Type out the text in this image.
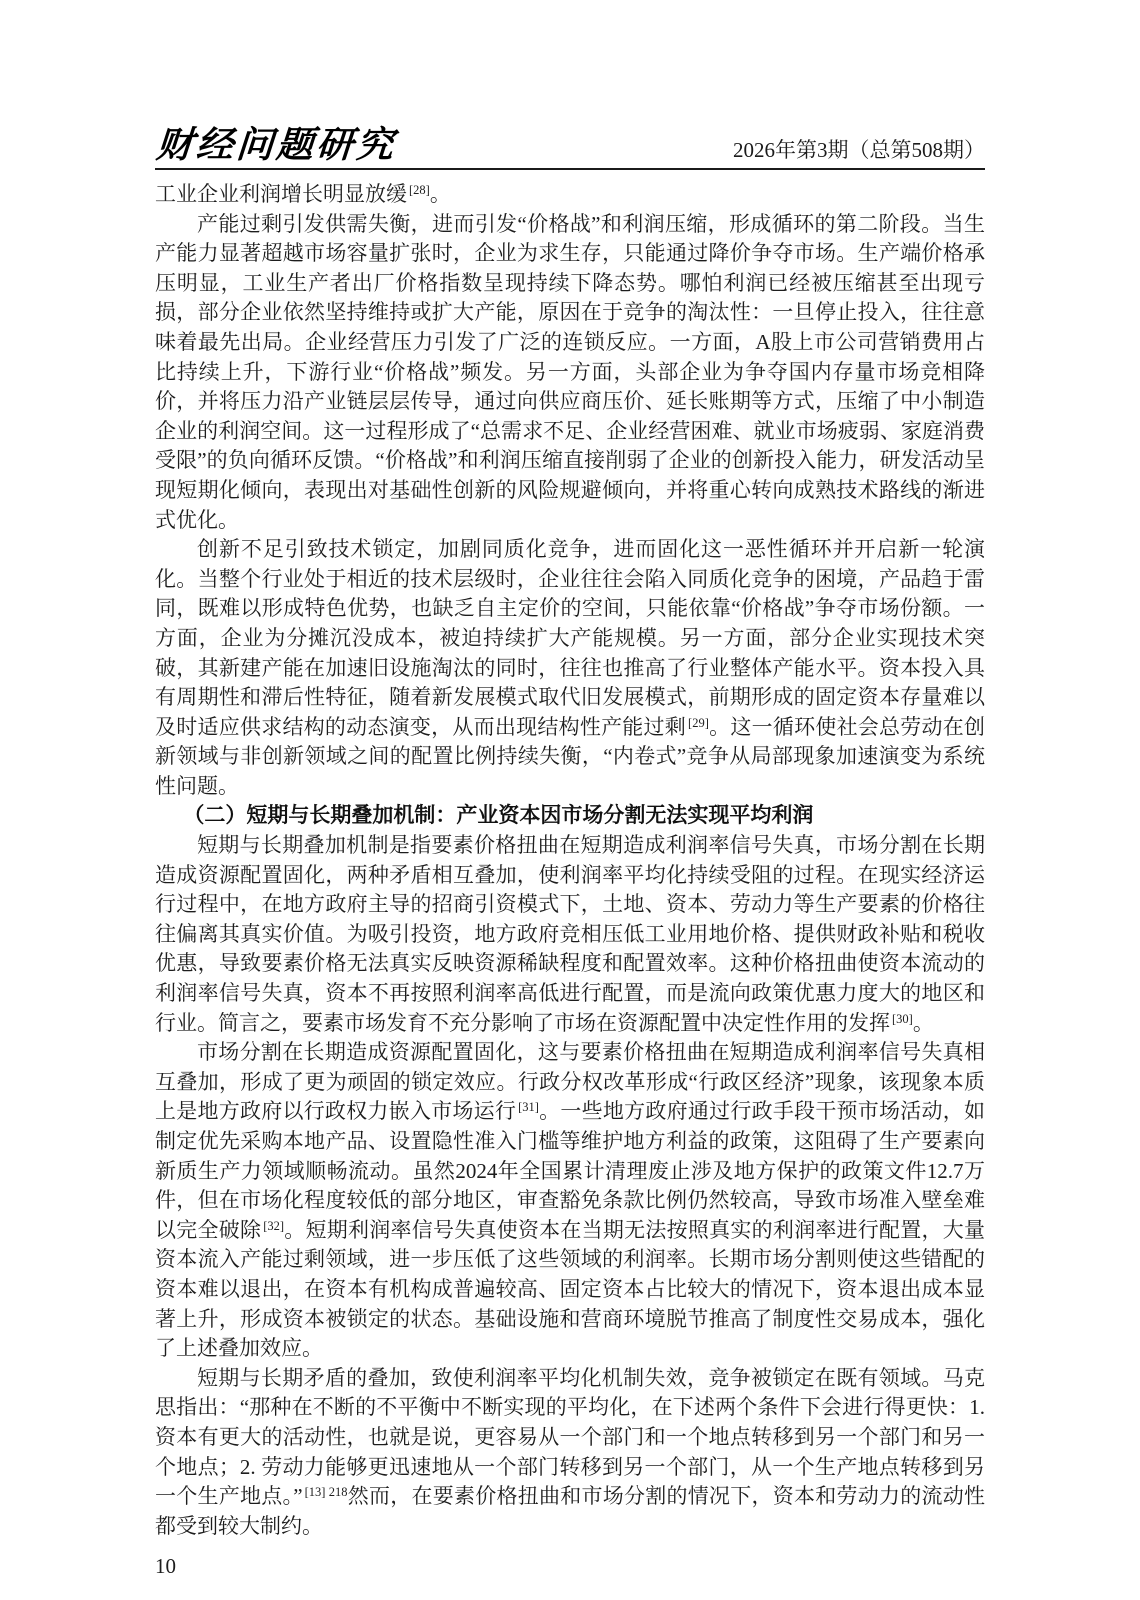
财经问题研究	2026年第3期（总第508期）

工业企业利润增长明显放缓 [28]。

产能过剩引发供需失衡，进而引发“价格战”和利润压缩，形成循环的第二阶段。当生产能力显著超越市场容量扩张时，企业为求生存，只能通过降价争夺市场。生产端价格承压明显，工业生产者出厂价格指数呈现持续下降态势。哪怕利润已经被压缩甚至出现亏损，部分企业依然坚持维持或扩大产能，原因在于竞争的淘汰性：一旦停止投入，往往意味着最先出局。企业经营压力引发了广泛的连锁反应。一方面，A股上市公司营销费用占比持续上升，下游行业“价格战”频发。另一方面，头部企业为争夺国内存量市场竞相降价，并将压力沿产业链层层传导，通过向供应商压价、延长账期等方式，压缩了中小制造企业的利润空间。这一过程形成了“总需求不足、企业经营困难、就业市场疲弱、家庭消费受限”的负向循环反馈。“价格战”和利润压缩直接削弱了企业的创新投入能力，研发活动呈现短期化倾向，表现出对基础性创新的风险规避倾向，并将重心转向成熟技术路线的渐进式优化。

创新不足引致技术锁定，加剧同质化竞争，进而固化这一恶性循环并开启新一轮演化。当整个行业处于相近的技术层级时，企业往往会陷入同质化竞争的困境，产品趋于雷同，既难以形成特色优势，也缺乏自主定价的空间，只能依靠“价格战”争夺市场份额。一方面，企业为分摊沉没成本，被迫持续扩大产能规模。另一方面，部分企业实现技术突破，其新建产能在加速旧设施淘汰的同时，往往也推高了行业整体产能水平。资本投入具有周期性和滞后性特征，随着新发展模式取代旧发展模式，前期形成的固定资本存量难以及时适应供求结构的动态演变，从而出现结构性产能过剩 [29]。这一循环使社会总劳动在创新领域与非创新领域之间的配置比例持续失衡，“内卷式”竞争从局部现象加速演变为系统性问题。

（二）短期与长期叠加机制：产业资本因市场分割无法实现平均利润

短期与长期叠加机制是指要素价格扭曲在短期造成利润率信号失真，市场分割在长期造成资源配置固化，两种矛盾相互叠加，使利润率平均化持续受阻的过程。在现实经济运行过程中，在地方政府主导的招商引资模式下，土地、资本、劳动力等生产要素的价格往往偏离其真实价值。为吸引投资，地方政府竞相压低工业用地价格、提供财政补贴和税收优惠，导致要素价格无法真实反映资源稀缺程度和配置效率。这种价格扭曲使资本流动的利润率信号失真，资本不再按照利润率高低进行配置，而是流向政策优惠力度大的地区和行业。简言之，要素市场发育不充分影响了市场在资源配置中决定性作用的发挥 [30]。

市场分割在长期造成资源配置固化，这与要素价格扭曲在短期造成利润率信号失真相互叠加，形成了更为顽固的锁定效应。行政分权改革形成“行政区经济”现象，该现象本质上是地方政府以行政权力嵌入市场运行 [31]。一些地方政府通过行政手段干预市场活动，如制定优先采购本地产品、设置隐性准入门槛等维护地方利益的政策，这阻碍了生产要素向新质生产力领域顺畅流动。虽然2024年全国累计清理废止涉及地方保护的政策文件12.7万件，但在市场化程度较低的部分地区，审查豁免条款比例仍然较高，导致市场准入壁垒难以完全破除 [32]。短期利润率信号失真使资本在当期无法按照真实的利润率进行配置，大量资本流入产能过剩领域，进一步压低了这些领域的利润率。长期市场分割则使这些错配的资本难以退出，在资本有机构成普遍较高、固定资本占比较大的情况下，资本退出成本显著上升，形成资本被锁定的状态。基础设施和营商环境脱节推高了制度性交易成本，强化了上述叠加效应。

短期与长期矛盾的叠加，致使利润率平均化机制失效，竞争被锁定在既有领域。马克思指出：“那种在不断的不平衡中不断实现的平均化，在下述两个条件下会进行得更快：1. 资本有更大的活动性，也就是说，更容易从一个部门和一个地点转移到另一个部门和另一个地点；2. 劳动力能够更迅速地从一个部门转移到另一个部门，从一个生产地点转移到另一个生产地点。” $^{[13] 218}$然而，在要素价格扭曲和市场分割的情况下，资本和劳动力的流动性都受到较大制约。

10
